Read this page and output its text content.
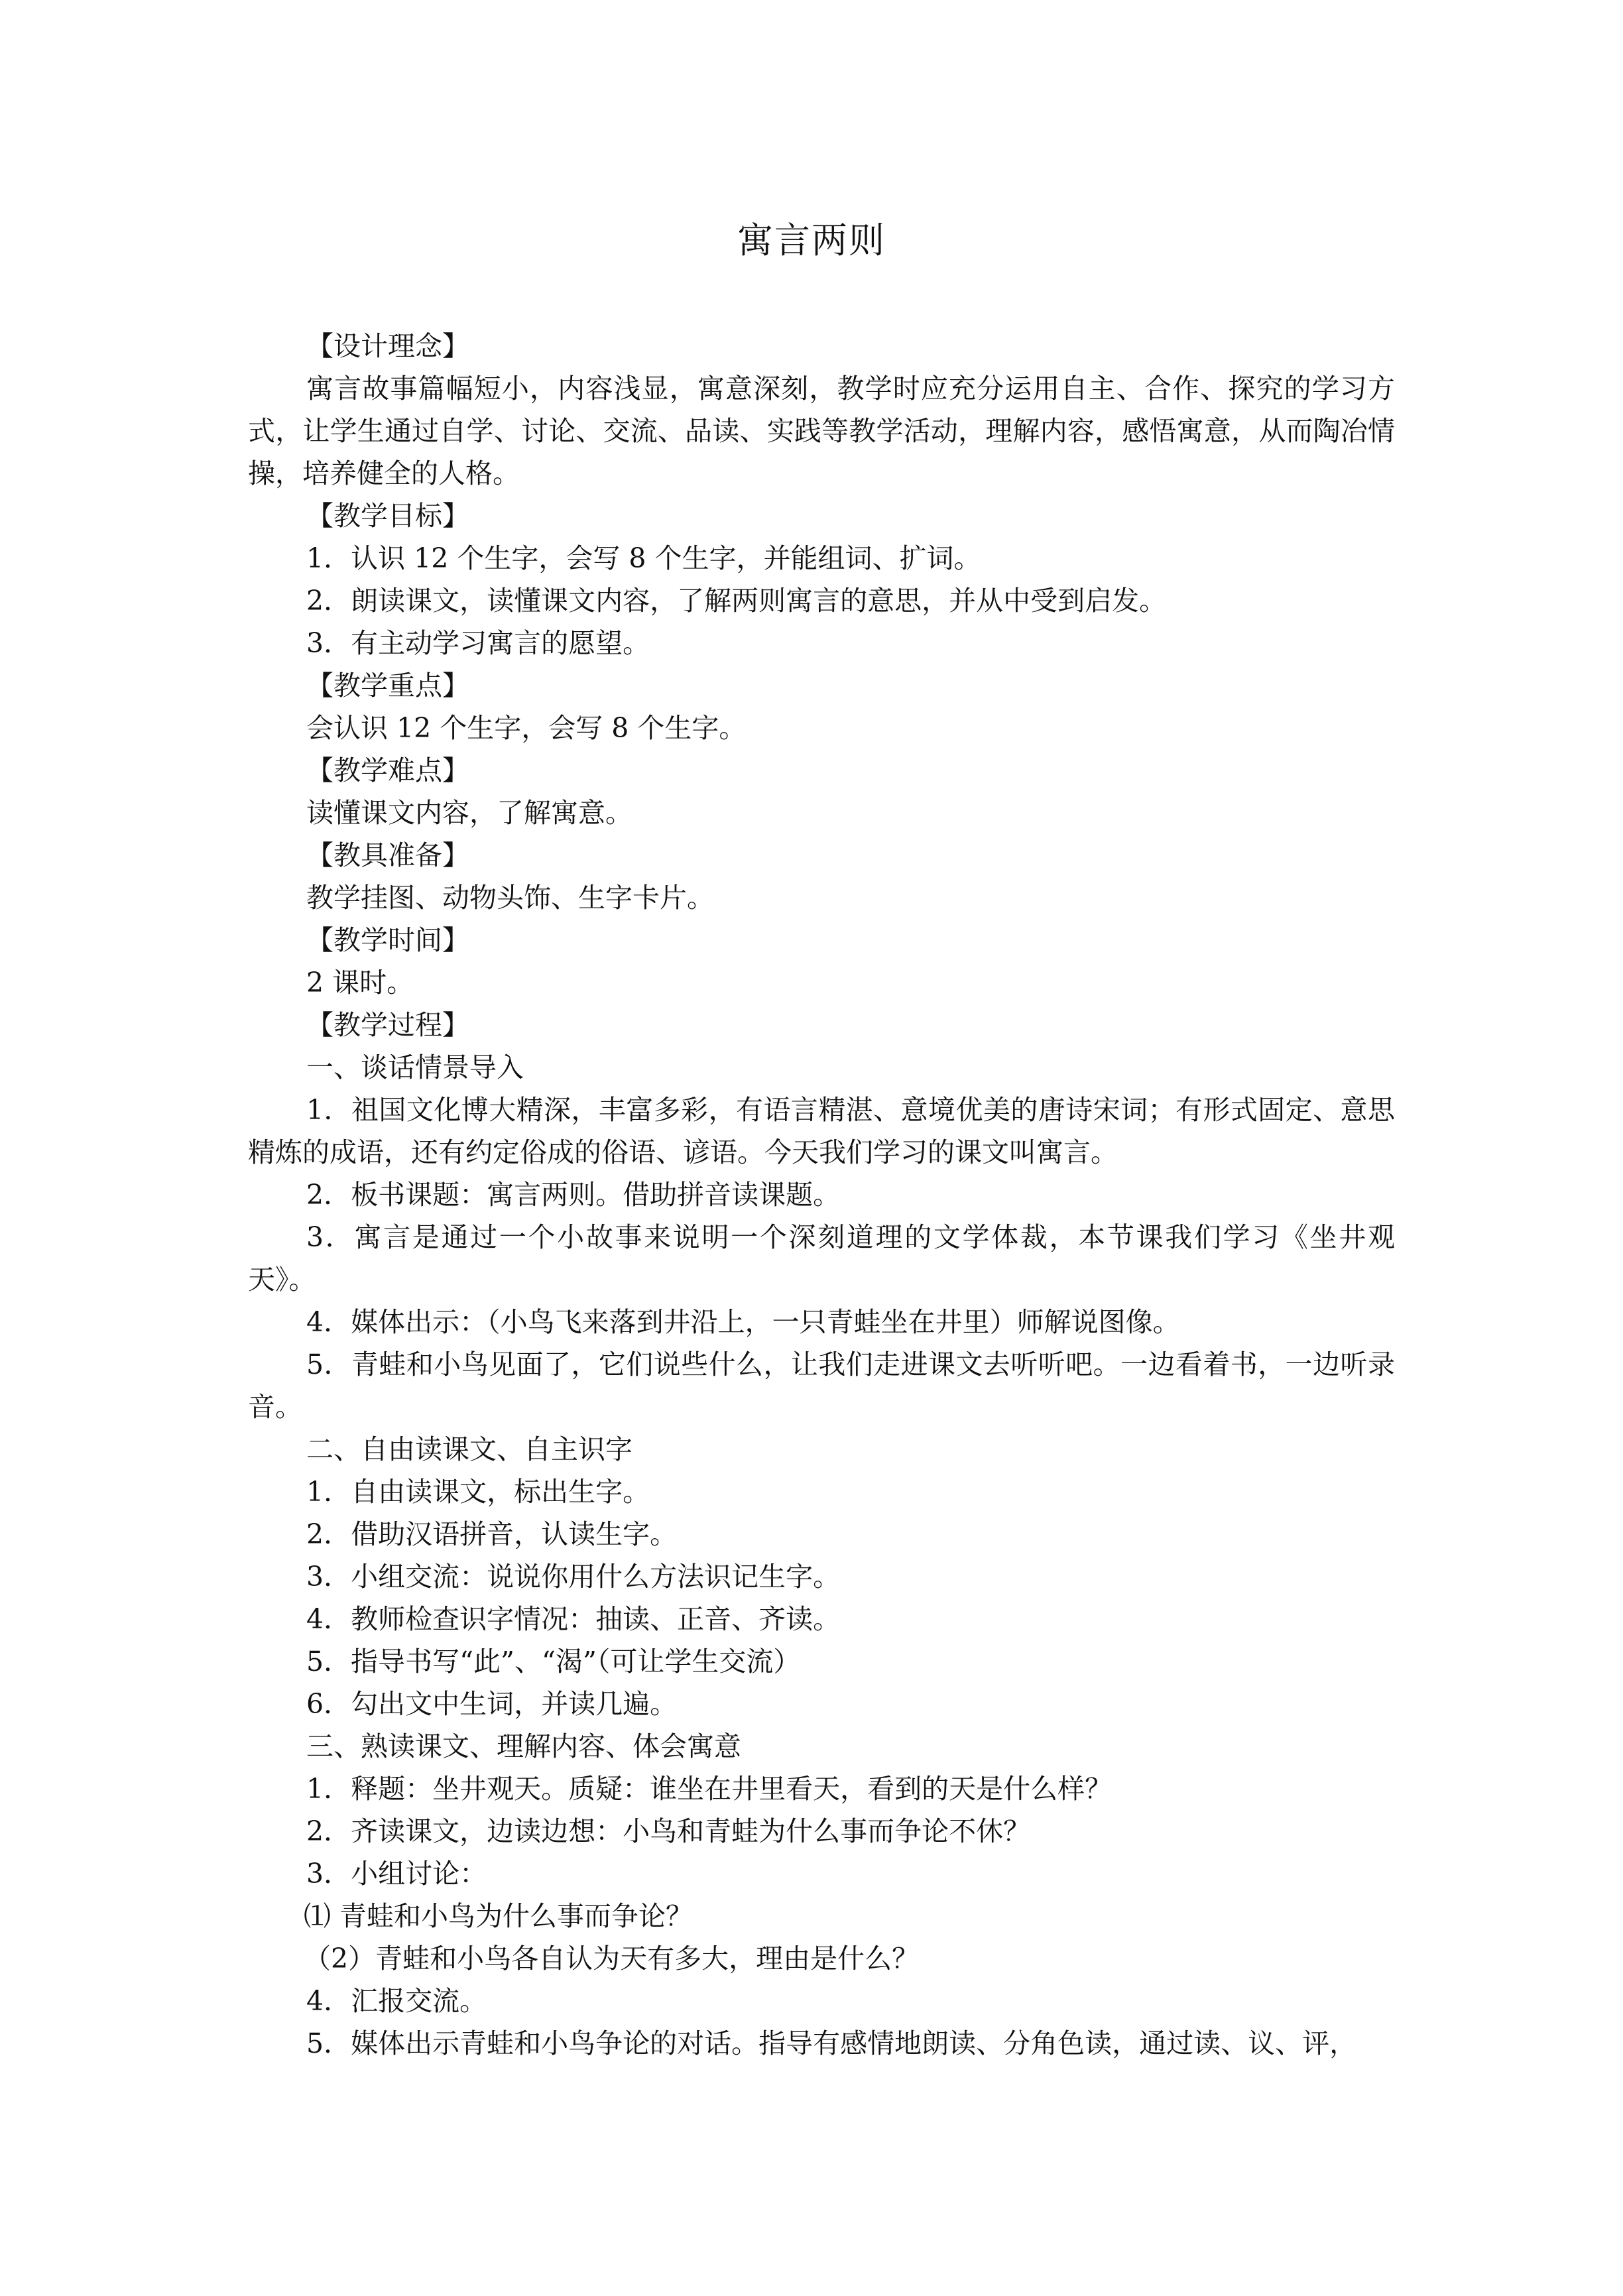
寓言两则

【设计理念】

寓言故事篇幅短小，内容浅显，寓意深刻，教学时应充分运用自主、合作、探究的学习方式，让学生通过自学、讨论、交流、品读、实践等教学活动，理解内容，感悟寓意，从而陶冶情操，培养健全的人格。

【教学目标】

1．认识 12 个生字，会写 8 个生字，并能组词、扩词。

2．朗读课文，读懂课文内容，了解两则寓言的意思，并从中受到启发。

3．有主动学习寓言的愿望。

【教学重点】

会认识 12 个生字，会写 8 个生字。

【教学难点】

读懂课文内容，了解寓意。

【教具准备】

教学挂图、动物头饰、生字卡片。

【教学时间】

2 课时。

【教学过程】

一、谈话情景导入

1．祖国文化博大精深，丰富多彩，有语言精湛、意境优美的唐诗宋词；有形式固定、意思精炼的成语，还有约定俗成的俗语、谚语。今天我们学习的课文叫寓言。

2．板书课题：寓言两则。借助拼音读课题。

3．寓言是通过一个小故事来说明一个深刻道理的文学体裁，本节课我们学习《坐井观天》。

4．媒体出示：（小鸟飞来落到井沿上，一只青蛙坐在井里）师解说图像。

5．青蛙和小鸟见面了，它们说些什么，让我们走进课文去听听吧。一边看着书，一边听录音。

二、自由读课文、自主识字

1．自由读课文，标出生字。

2．借助汉语拼音，认读生字。

3．小组交流：说说你用什么方法识记生字。

4．教师检查识字情况：抽读、正音、齐读。

5．指导书写“此”、“渴”（可让学生交流）

6．勾出文中生词，并读几遍。

三、熟读课文、理解内容、体会寓意

1．释题：坐井观天。质疑：谁坐在井里看天，看到的天是什么样？

2．齐读课文，边读边想：小鸟和青蛙为什么事而争论不休？

3．小组讨论：

⑴ 青蛙和小鸟为什么事而争论？

（2）青蛙和小鸟各自认为天有多大，理由是什么？

4．汇报交流。

5．媒体出示青蛙和小鸟争论的对话。指导有感情地朗读、分角色读，通过读、议、评，
